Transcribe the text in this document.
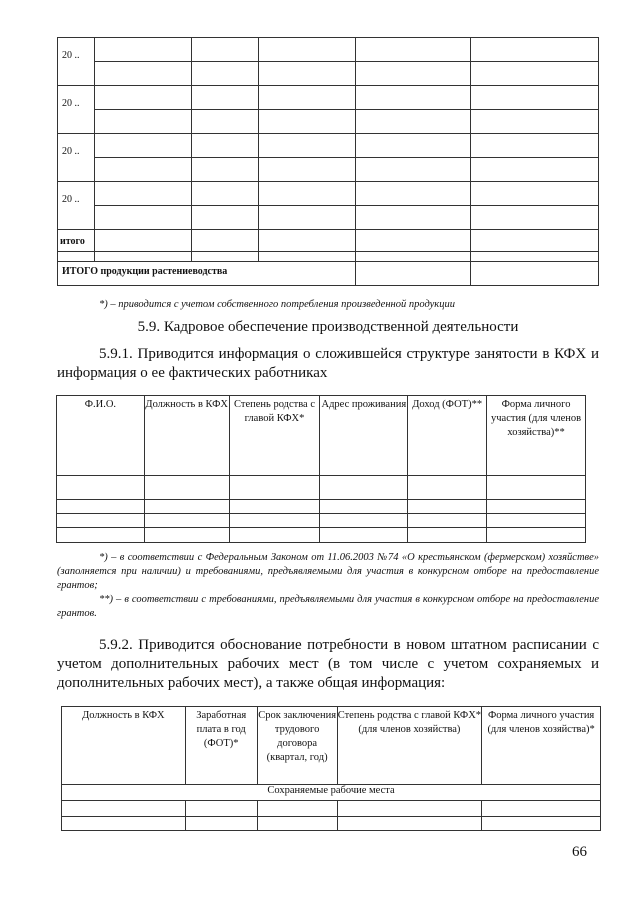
20 ..					

20 ..					

20 ..					

20 ..					

итого					

ИТОГО продукции растениеводства					
*) – приводится с учетом собственного потребления произведенной продукции
5.9. Кадровое обеспечение производственной деятельности
5.9.1. Приводится информация о сложившейся структуре занятости в КФХ и информация о ее фактических работниках
Ф.И.О.	Должность в КФХ	Степень родства с главой КФХ*	Адрес проживания	Доход (ФОТ)**	Форма личного участия (для членов хозяйства)**

*) – в соответствии с Федеральным Законом от 11.06.2003 №74 «О крестьянском (фермерском) хозяйстве» (заполняется при наличии) и требованиями, предъявляемыми для участия в конкурсном отборе на предоставление грантов;
**) – в соответствии с требованиями, предъявляемыми для участия в конкурсном отборе на предоставление грантов.
5.9.2. Приводится обоснование потребности в новом штатном расписании с учетом дополнительных рабочих мест (в том числе с учетом сохраняемых и дополнительных рабочих мест), а также общая информация:
Должность в КФХ	Заработная плата в год (ФОТ)*	Срок заключения трудового договора (квартал, год)	Степень родства с главой КФХ* (для членов хозяйства)	Форма личного участия (для членов хозяйства)*
Сохраняемые рабочие места				

66
